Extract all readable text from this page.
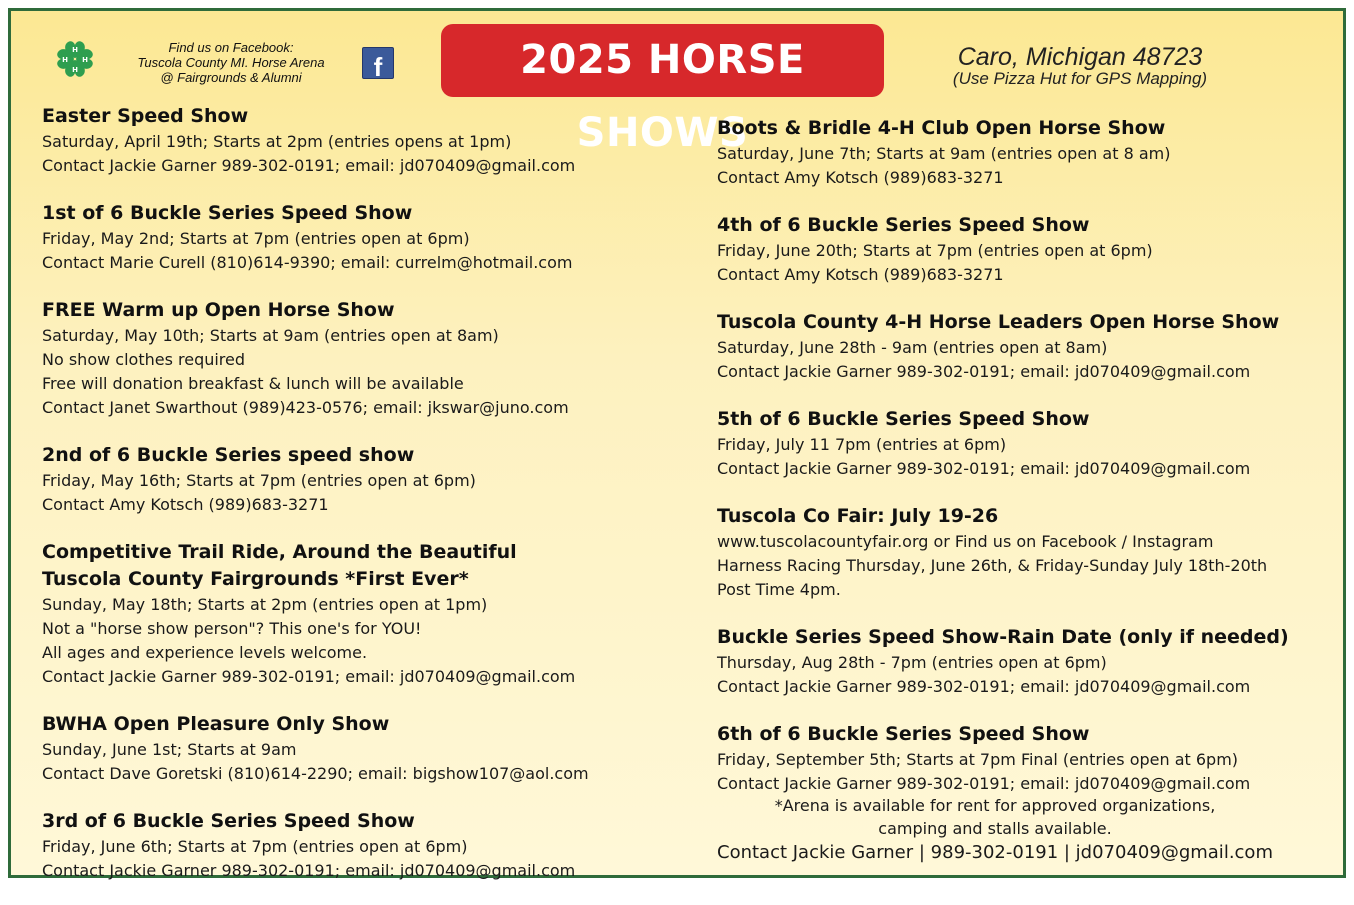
H
H
H H
Find us on Facebook:
Tuscola County MI. Horse Arena
@ Fairgrounds & Alumni	f	2025 HORSE SHOWS
Caro, Michigan 48723
(Use Pizza Hut for GPS Mapping)
Easter Speed Show
Saturday, April 19th; Starts at 2pm (entries opens at 1pm)
Contact Jackie Garner 989-302-0191; email: jd070409@gmail.com
1st of 6 Buckle Series Speed Show
Friday, May 2nd; Starts at 7pm (entries open at 6pm)
Contact Marie Curell (810)614-9390; email: currelm@hotmail.com
FREE Warm up Open Horse Show
Saturday, May 10th; Starts at 9am (entries open at 8am)
No show clothes required
Free will donation breakfast & lunch will be available
Contact Janet Swarthout (989)423-0576; email: jkswar@juno.com
2nd of 6 Buckle Series speed show
Friday, May 16th; Starts at 7pm (entries open at 6pm)
Contact Amy Kotsch (989)683-3271
Competitive Trail Ride, Around the Beautiful Tuscola County Fairgrounds *First Ever*
Sunday, May 18th; Starts at 2pm (entries open at 1pm)
Not a "horse show person"? This one's for YOU!
All ages and experience levels welcome.
Contact Jackie Garner 989-302-0191; email: jd070409@gmail.com
BWHA Open Pleasure Only Show
Sunday, June 1st; Starts at 9am
Contact Dave Goretski (810)614-2290; email: bigshow107@aol.com
3rd of 6 Buckle Series Speed Show
Friday, June 6th; Starts at 7pm (entries open at 6pm)
Contact Jackie Garner 989-302-0191; email: jd070409@gmail.com
Boots & Bridle 4-H Club Open Horse Show
Saturday, June 7th; Starts at 9am (entries open at 8 am)
Contact Amy Kotsch (989)683-3271
4th of 6 Buckle Series Speed Show
Friday, June 20th; Starts at 7pm (entries open at 6pm)
Contact Amy Kotsch (989)683-3271
Tuscola County 4-H Horse Leaders Open Horse Show
Saturday, June 28th - 9am (entries open at 8am)
Contact Jackie Garner 989-302-0191; email: jd070409@gmail.com
5th of 6 Buckle Series Speed Show
Friday, July 11 7pm (entries at 6pm)
Contact Jackie Garner 989-302-0191; email: jd070409@gmail.com
Tuscola Co Fair: July 19-26
www.tuscolacountyfair.org or Find us on Facebook / Instagram
Harness Racing Thursday, June 26th, & Friday-Sunday July 18th-20th
Post Time 4pm.
Buckle Series Speed Show-Rain Date (only if needed)
Thursday, Aug 28th - 7pm (entries open at 6pm)
Contact Jackie Garner 989-302-0191; email: jd070409@gmail.com
6th of 6 Buckle Series Speed Show
Friday, September 5th; Starts at 7pm Final (entries open at 6pm)
Contact Jackie Garner 989-302-0191; email: jd070409@gmail.com
*Arena is available for rent for approved organizations,
camping and stalls available.
Contact Jackie Garner | 989-302-0191 | jd070409@gmail.com
